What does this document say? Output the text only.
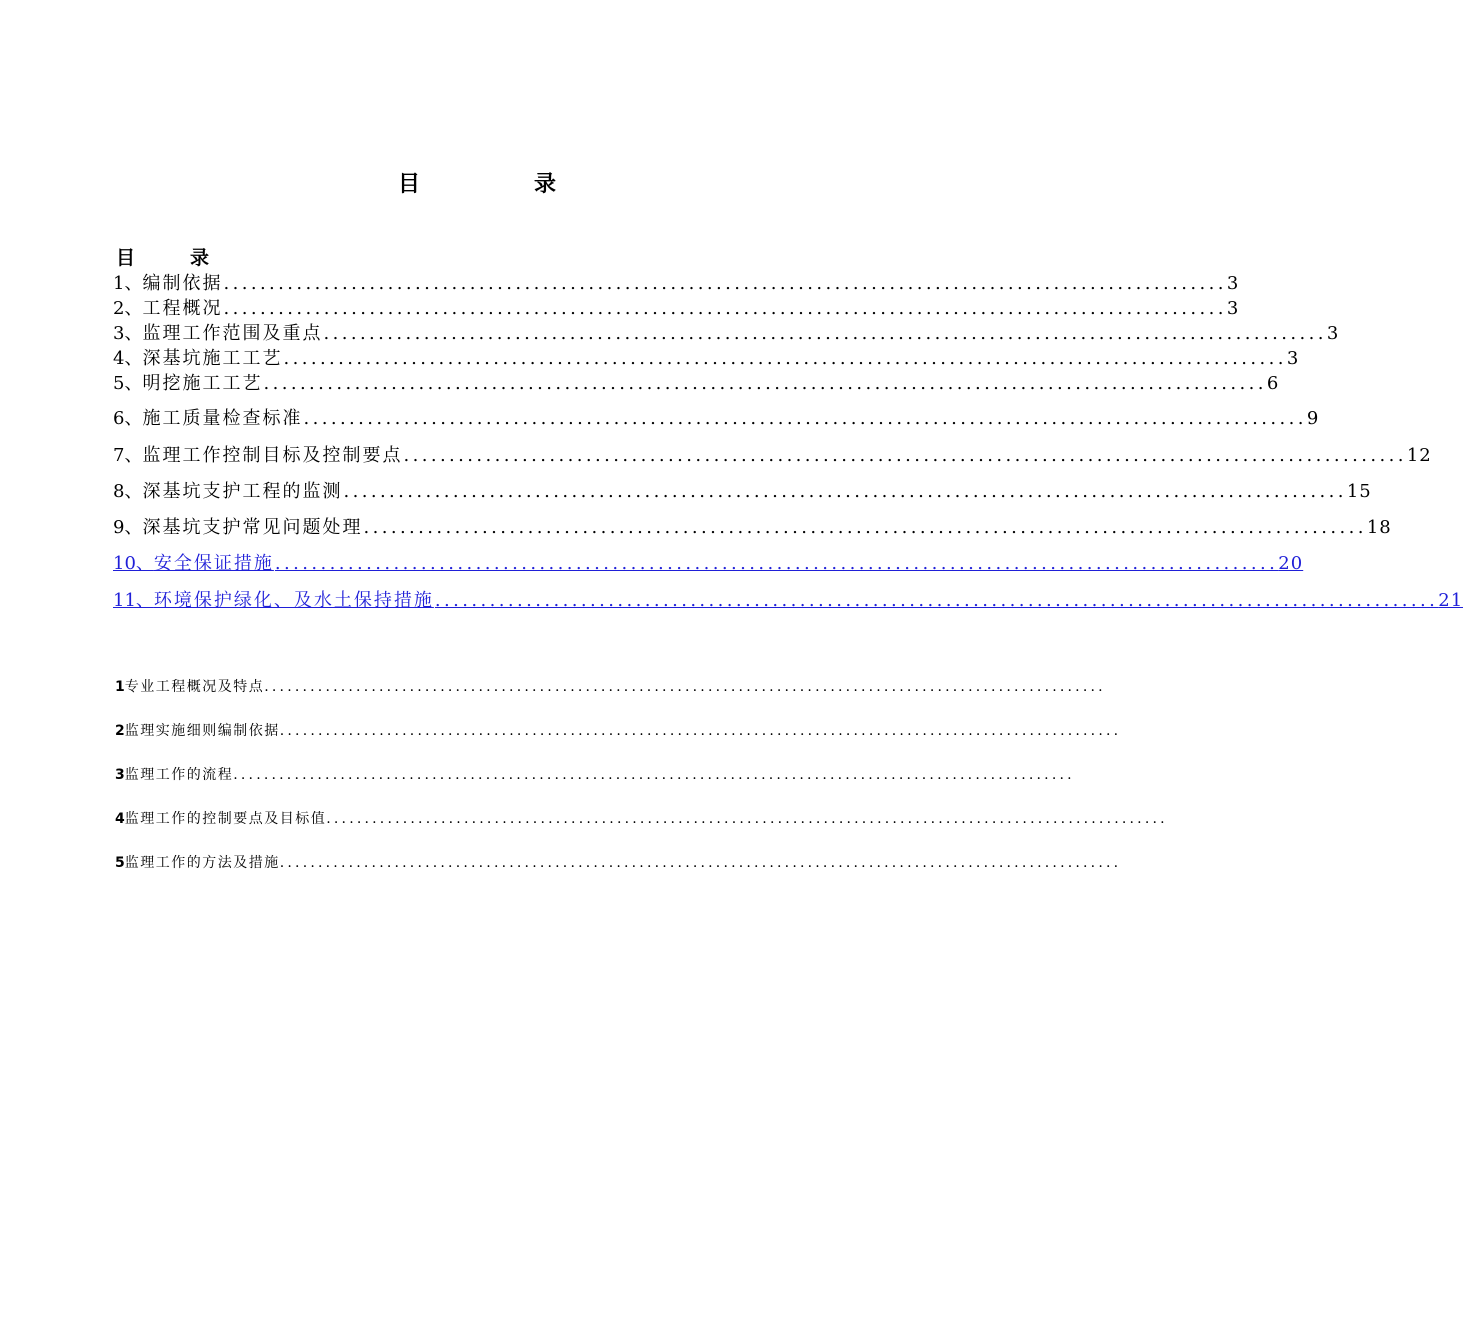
目　录
目　录
1、 编制依据 .............................................................................................................. 3
2、 工程概况 .............................................................................................................. 3
3、 监理工作范围及重点 .............................................................................................................. 3
4、 深基坑施工工艺 .............................................................................................................. 3
5、 明挖施工工艺 .............................................................................................................. 6
6、 施工质量检查标准 .............................................................................................................. 9
7、 监理工作控制目标及控制要点 .............................................................................................................. 12
8、 深基坑支护工程的监测 .............................................................................................................. 15
9、 深基坑支护常见问题处理 .............................................................................................................. 18
10、 安全保证措施 .............................................................................................................. 20
11、 环境保护绿化、及水土保持措施 .............................................................................................................. 21
1 专业工程概况及特点 ..............................................................................................................
2 监理实施细则编制依据 ..............................................................................................................
3 监理工作的流程 ..............................................................................................................
4 监理工作的控制要点及目标值 ..............................................................................................................
5 监理工作的方法及措施 ..............................................................................................................
